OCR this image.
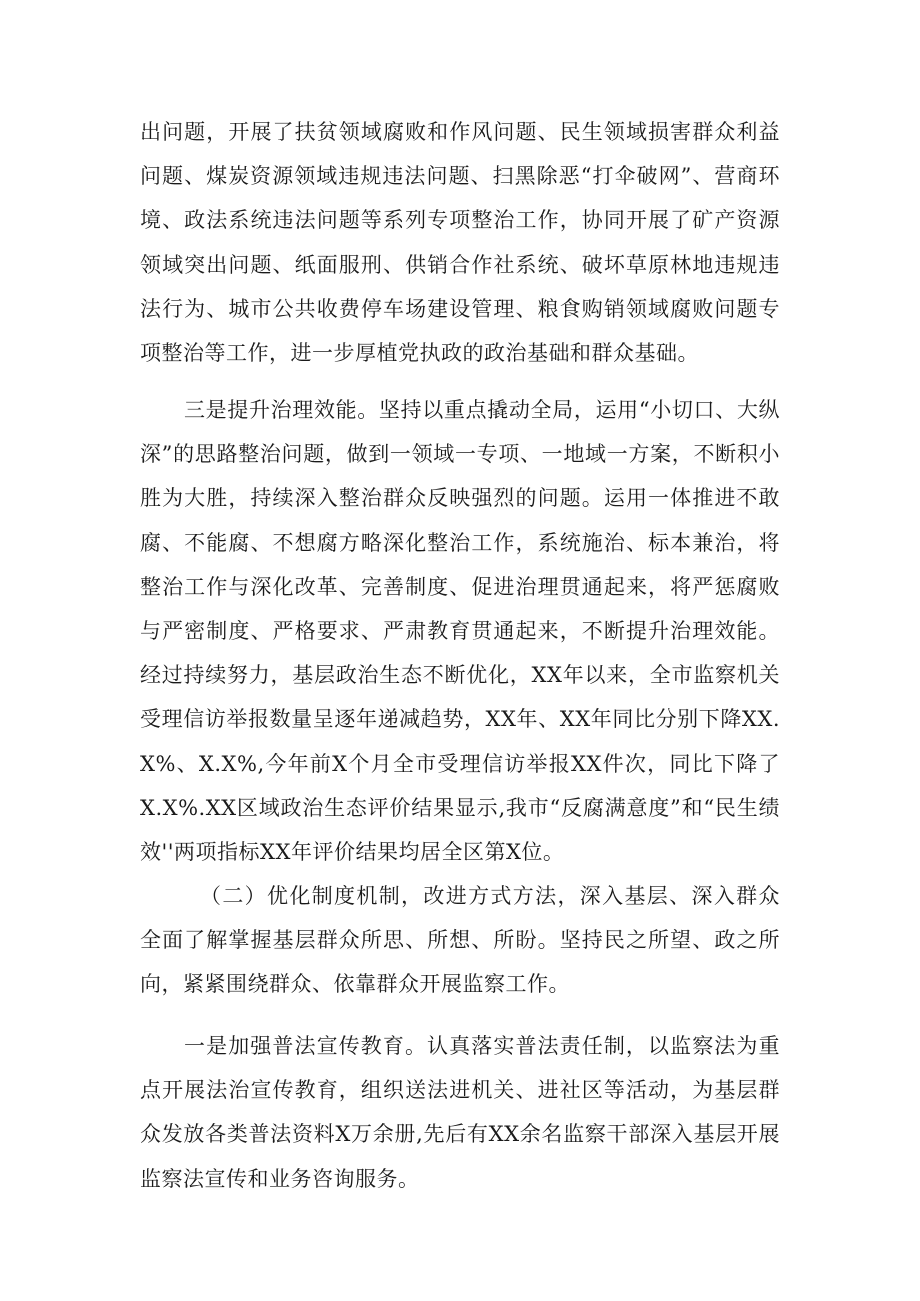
出问题，开展了扶贫领域腐败和作风问题、民生领域损害群众利益问题、煤炭资源领域违规违法问题、扫黑除恶“打伞破网”、营商环境、政法系统违法问题等系列专项整治工作，协同开展了矿产资源领域突出问题、纸面服刑、供销合作社系统、破坏草原林地违规违法行为、城市公共收费停车场建设管理、粮食购销领域腐败问题专项整治等工作，进一步厚植党执政的政治基础和群众基础。

三是提升治理效能。坚持以重点撬动全局，运用“小切口、大纵深”的思路整治问题，做到一领域一专项、一地域一方案，不断积小胜为大胜，持续深入整治群众反映强烈的问题。运用一体推进不敢腐、不能腐、不想腐方略深化整治工作，系统施治、标本兼治，将整治工作与深化改革、完善制度、促进治理贯通起来，将严惩腐败与严密制度、严格要求、严肃教育贯通起来，不断提升治理效能。经过持续努力，基层政治生态不断优化，XX年以来，全市监察机关受理信访举报数量呈逐年递减趋势，XX年、XX年同比分别下降XX.X%、X.X%,今年前X个月全市受理信访举报XX件次，同比下降了X.X%.XX区域政治生态评价结果显示,我市“反腐满意度”和“民生绩效''两项指标XX年评价结果均居全区第X位。

（二）优化制度机制，改进方式方法，深入基层、深入群众全面了解掌握基层群众所思、所想、所盼。坚持民之所望、政之所向，紧紧围绕群众、依靠群众开展监察工作。

一是加强普法宣传教育。认真落实普法责任制，以监察法为重点开展法治宣传教育，组织送法进机关、进社区等活动，为基层群众发放各类普法资料X万余册,先后有XX余名监察干部深入基层开展监察法宣传和业务咨询服务。
